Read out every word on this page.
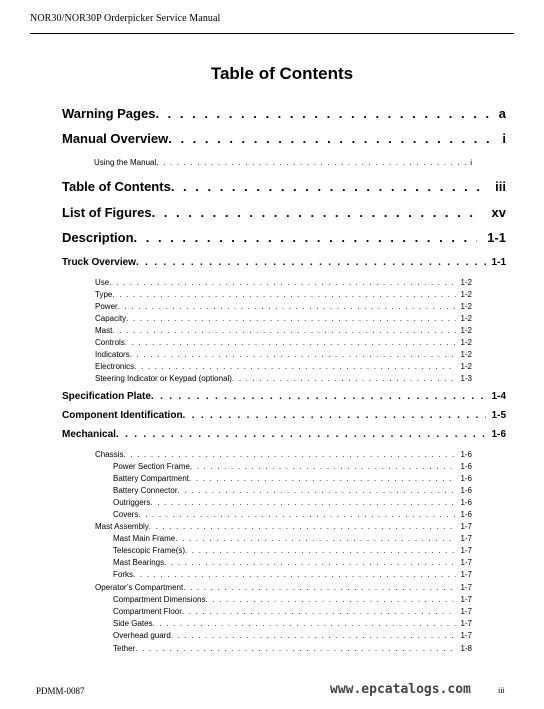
NOR30/NOR30P Orderpicker Service Manual
Table of Contents
Warning Pages . . .	a
Manual Overview . . .	i
Using the Manual . . .	i
Table of Contents . . .	iii
List of Figures . . .	xv
Description . . .	1-1
Truck Overview . . .	1-1
Use . . .	1-2
Type . . .	1-2
Power . . .	1-2
Capacity . . .	1-2
Mast . . .	1-2
Controls . . .	1-2
Indicators . . .	1-2
Electronics . . .	1-2
Steering Indicator or Keypad (optional) . . .	1-3
Specification Plate . . .	1-4
Component Identification . . .	1-5
Mechanical . . .	1-6
Chassis . . .	1-6
Power Section Frame . . .	1-6
Battery Compartment . . .	1-6
Battery Connector . . .	1-6
Outriggers . . .	1-6
Covers . . .	1-6
Mast Assembly . . .	1-7
Mast Main Frame . . .	1-7
Telescopic Frame(s) . . .	1-7
Mast Bearings . . .	1-7
Forks . . .	1-7
Operator’s Compartment . . .	1-7
Compartment Dimensions . . .	1-7
Compartment Floor . . .	1-7
Side Gates . . .	1-7
Overhead guard . . .	1-7
Tether . . .	1-8
PDMM-0087	www.epcatalogs.com	iii
